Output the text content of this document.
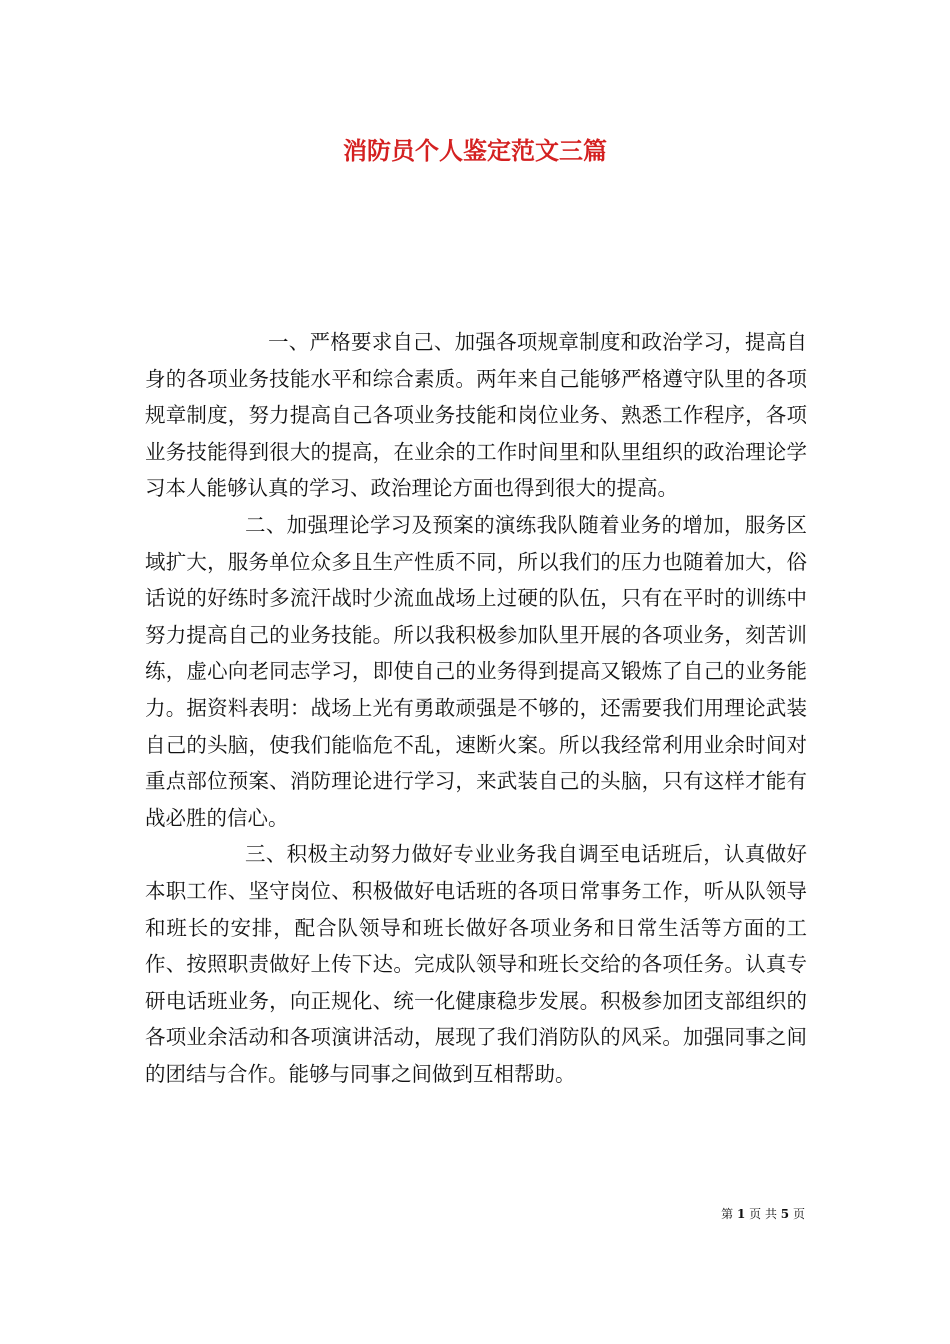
消防员个人鉴定范文三篇

一、严格要求自己、加强各项规章制度和政治学习，提高自身的各项业务技能水平和综合素质。两年来自己能够严格遵守队里的各项规章制度，努力提高自己各项业务技能和岗位业务、熟悉工作程序，各项业务技能得到很大的提高，在业余的工作时间里和队里组织的政治理论学习本人能够认真的学习、政治理论方面也得到很大的提高。

二、加强理论学习及预案的演练我队随着业务的增加，服务区域扩大，服务单位众多且生产性质不同，所以我们的压力也随着加大，俗话说的好练时多流汗战时少流血战场上过硬的队伍，只有在平时的训练中努力提高自己的业务技能。所以我积极参加队里开展的各项业务，刻苦训练，虚心向老同志学习，即使自己的业务得到提高又锻炼了自己的业务能力。据资料表明：战场上光有勇敢顽强是不够的，还需要我们用理论武装自己的头脑，使我们能临危不乱，速断火案。所以我经常利用业余时间对重点部位预案、消防理论进行学习，来武装自己的头脑，只有这样才能有战必胜的信心。

三、积极主动努力做好专业业务我自调至电话班后，认真做好本职工作、坚守岗位、积极做好电话班的各项日常事务工作，听从队领导和班长的安排，配合队领导和班长做好各项业务和日常生活等方面的工作、按照职责做好上传下达。完成队领导和班长交给的各项任务。认真专研电话班业务，向正规化、统一化健康稳步发展。积极参加团支部组织的各项业余活动和各项演讲活动，展现了我们消防队的风采。加强同事之间的团结与合作。能够与同事之间做到互相帮助。

第 1 页 共 5 页
